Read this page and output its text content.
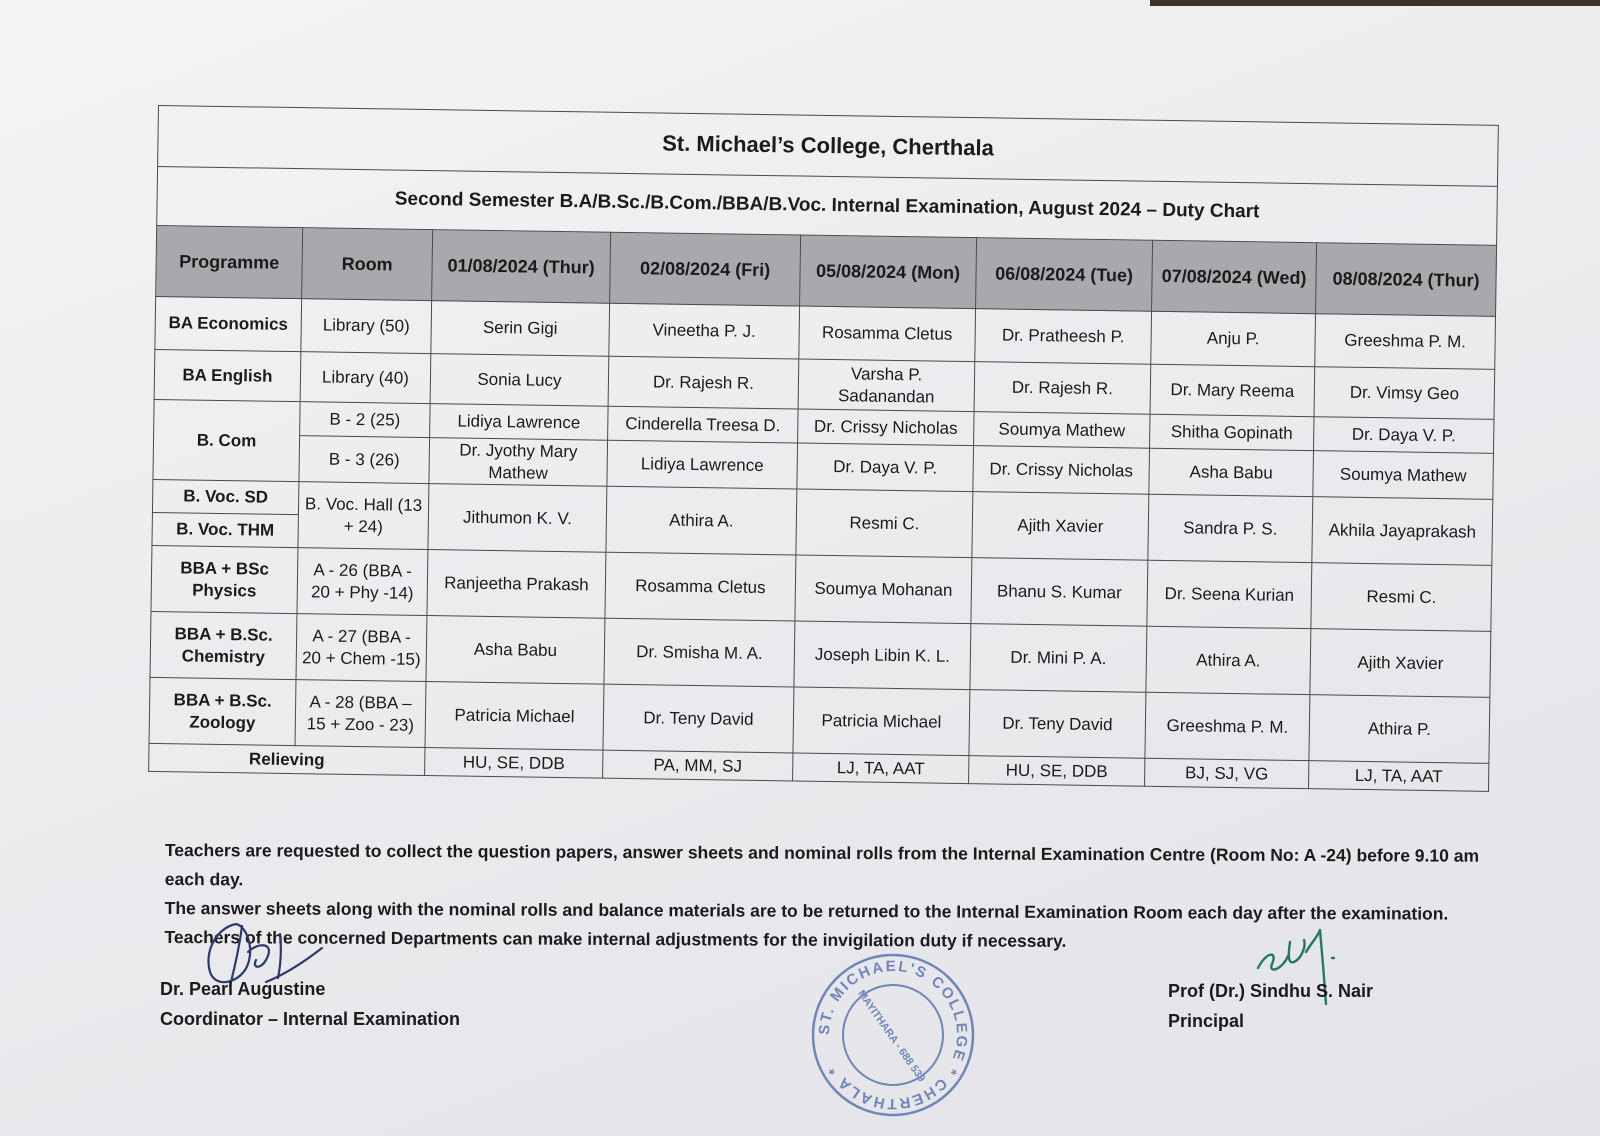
St. Michael’s College, Cherthala							
Second Semester B.A/B.Sc./B.Com./BBA/B.Voc. Internal Examination, August 2024 – Duty Chart							
Programme	Room	01/08/2024 (Thur)	02/08/2024 (Fri)	05/08/2024 (Mon)	06/08/2024 (Tue)	07/08/2024 (Wed)	08/08/2024 (Thur)
BA Economics	Library (50)	Serin Gigi	Vineetha P. J.	Rosamma Cletus	Dr. Pratheesh P.	Anju P.	Greeshma P. M.
BA English	Library (40)	Sonia Lucy	Dr. Rajesh R.	Varsha P. Sadanandan	Dr. Rajesh R.	Dr. Mary Reema	Dr. Vimsy Geo
B. Com	B - 2 (25)	Lidiya Lawrence	Cinderella Treesa D.	Dr. Crissy Nicholas	Soumya Mathew	Shitha Gopinath	Dr. Daya V. P.
	B - 3 (26)	Dr. Jyothy Mary Mathew	Lidiya Lawrence	Dr. Daya V. P.	Dr. Crissy Nicholas	Asha Babu	Soumya Mathew
B. Voc. SD	B. Voc. Hall (13 + 24)	Jithumon K. V.	Athira A.	Resmi C.	Ajith Xavier	Sandra P. S.	Akhila Jayaprakash
B. Voc. THM							
BBA + BSc Physics	A - 26 (BBA - 20 + Phy -14)	Ranjeetha Prakash	Rosamma Cletus	Soumya Mohanan	Bhanu S. Kumar	Dr. Seena Kurian	Resmi C.
BBA + B.Sc. Chemistry	A - 27 (BBA - 20 + Chem -15)	Asha Babu	Dr. Smisha M. A.	Joseph Libin K. L.	Dr. Mini P. A.	Athira A.	Ajith Xavier
BBA + B.Sc. Zoology	A - 28 (BBA – 15 + Zoo - 23)	Patricia Michael	Dr. Teny David	Patricia Michael	Dr. Teny David	Greeshma P. M.	Athira P.
Relieving		HU, SE, DDB	PA, MM, SJ	LJ, TA, AAT	HU, SE, DDB	BJ, SJ, VG	LJ, TA, AAT
Teachers are requested to collect the question papers, answer sheets and nominal rolls from the Internal Examination Centre (Room No: A -24) before 9.10 am each day.
The answer sheets along with the nominal rolls and balance materials are to be returned to the Internal Examination Room each day after the examination.
Teachers of the concerned Departments can make internal adjustments for the invigilation duty if necessary.
Dr. Pearl Augustine
Coordinator – Internal Examination	ST. MICHAEL'S COLLEGE * CHERTHALA *	MAYITHARA - 688 539	Prof (Dr.) Sindhu S. Nair
Principal
